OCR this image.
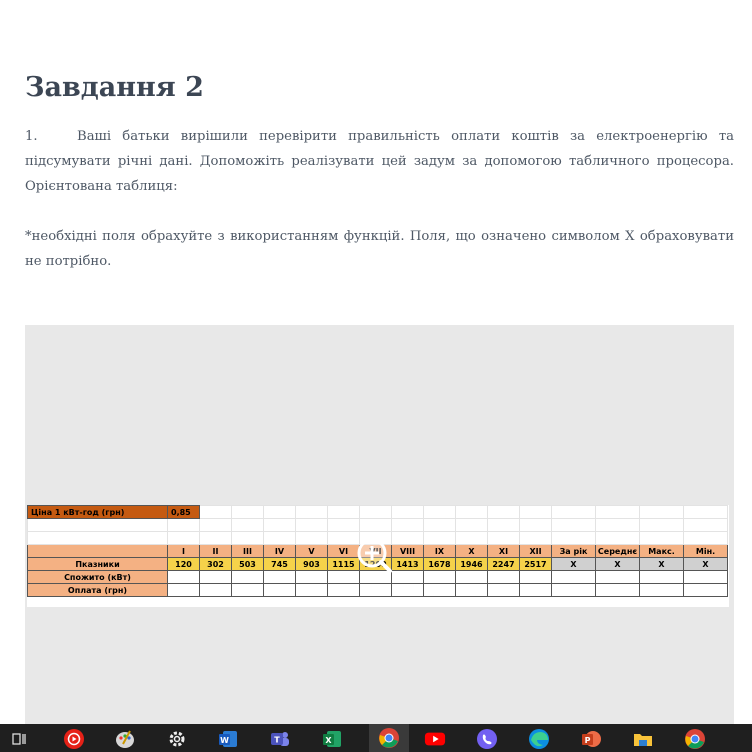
Завдання 2

1.	Ваші батьки вирішили перевірити правильність оплати коштів за електроенергію та підсумувати річні дані. Допоможіть реалізувати цей задум за допомогою табличного процесора. Орієнтована таблиця:

*необхідні поля обрахуйте з використанням функцій. Поля, що означено символом Х обраховувати не потрібно.

Ціна 1 кВт-год (грн)	0,85															

	I	II	III	IV	V	VI		VIII	IX	X	XI	XII	За рік	Середнє	Макс.	Мін.
Пказники	120	302	503	745	903	1115		1413	1678	1946	2247	2517	X	X	X	X
Спожито (кВт)																
Оплата (грн)																
W	T	X	P
